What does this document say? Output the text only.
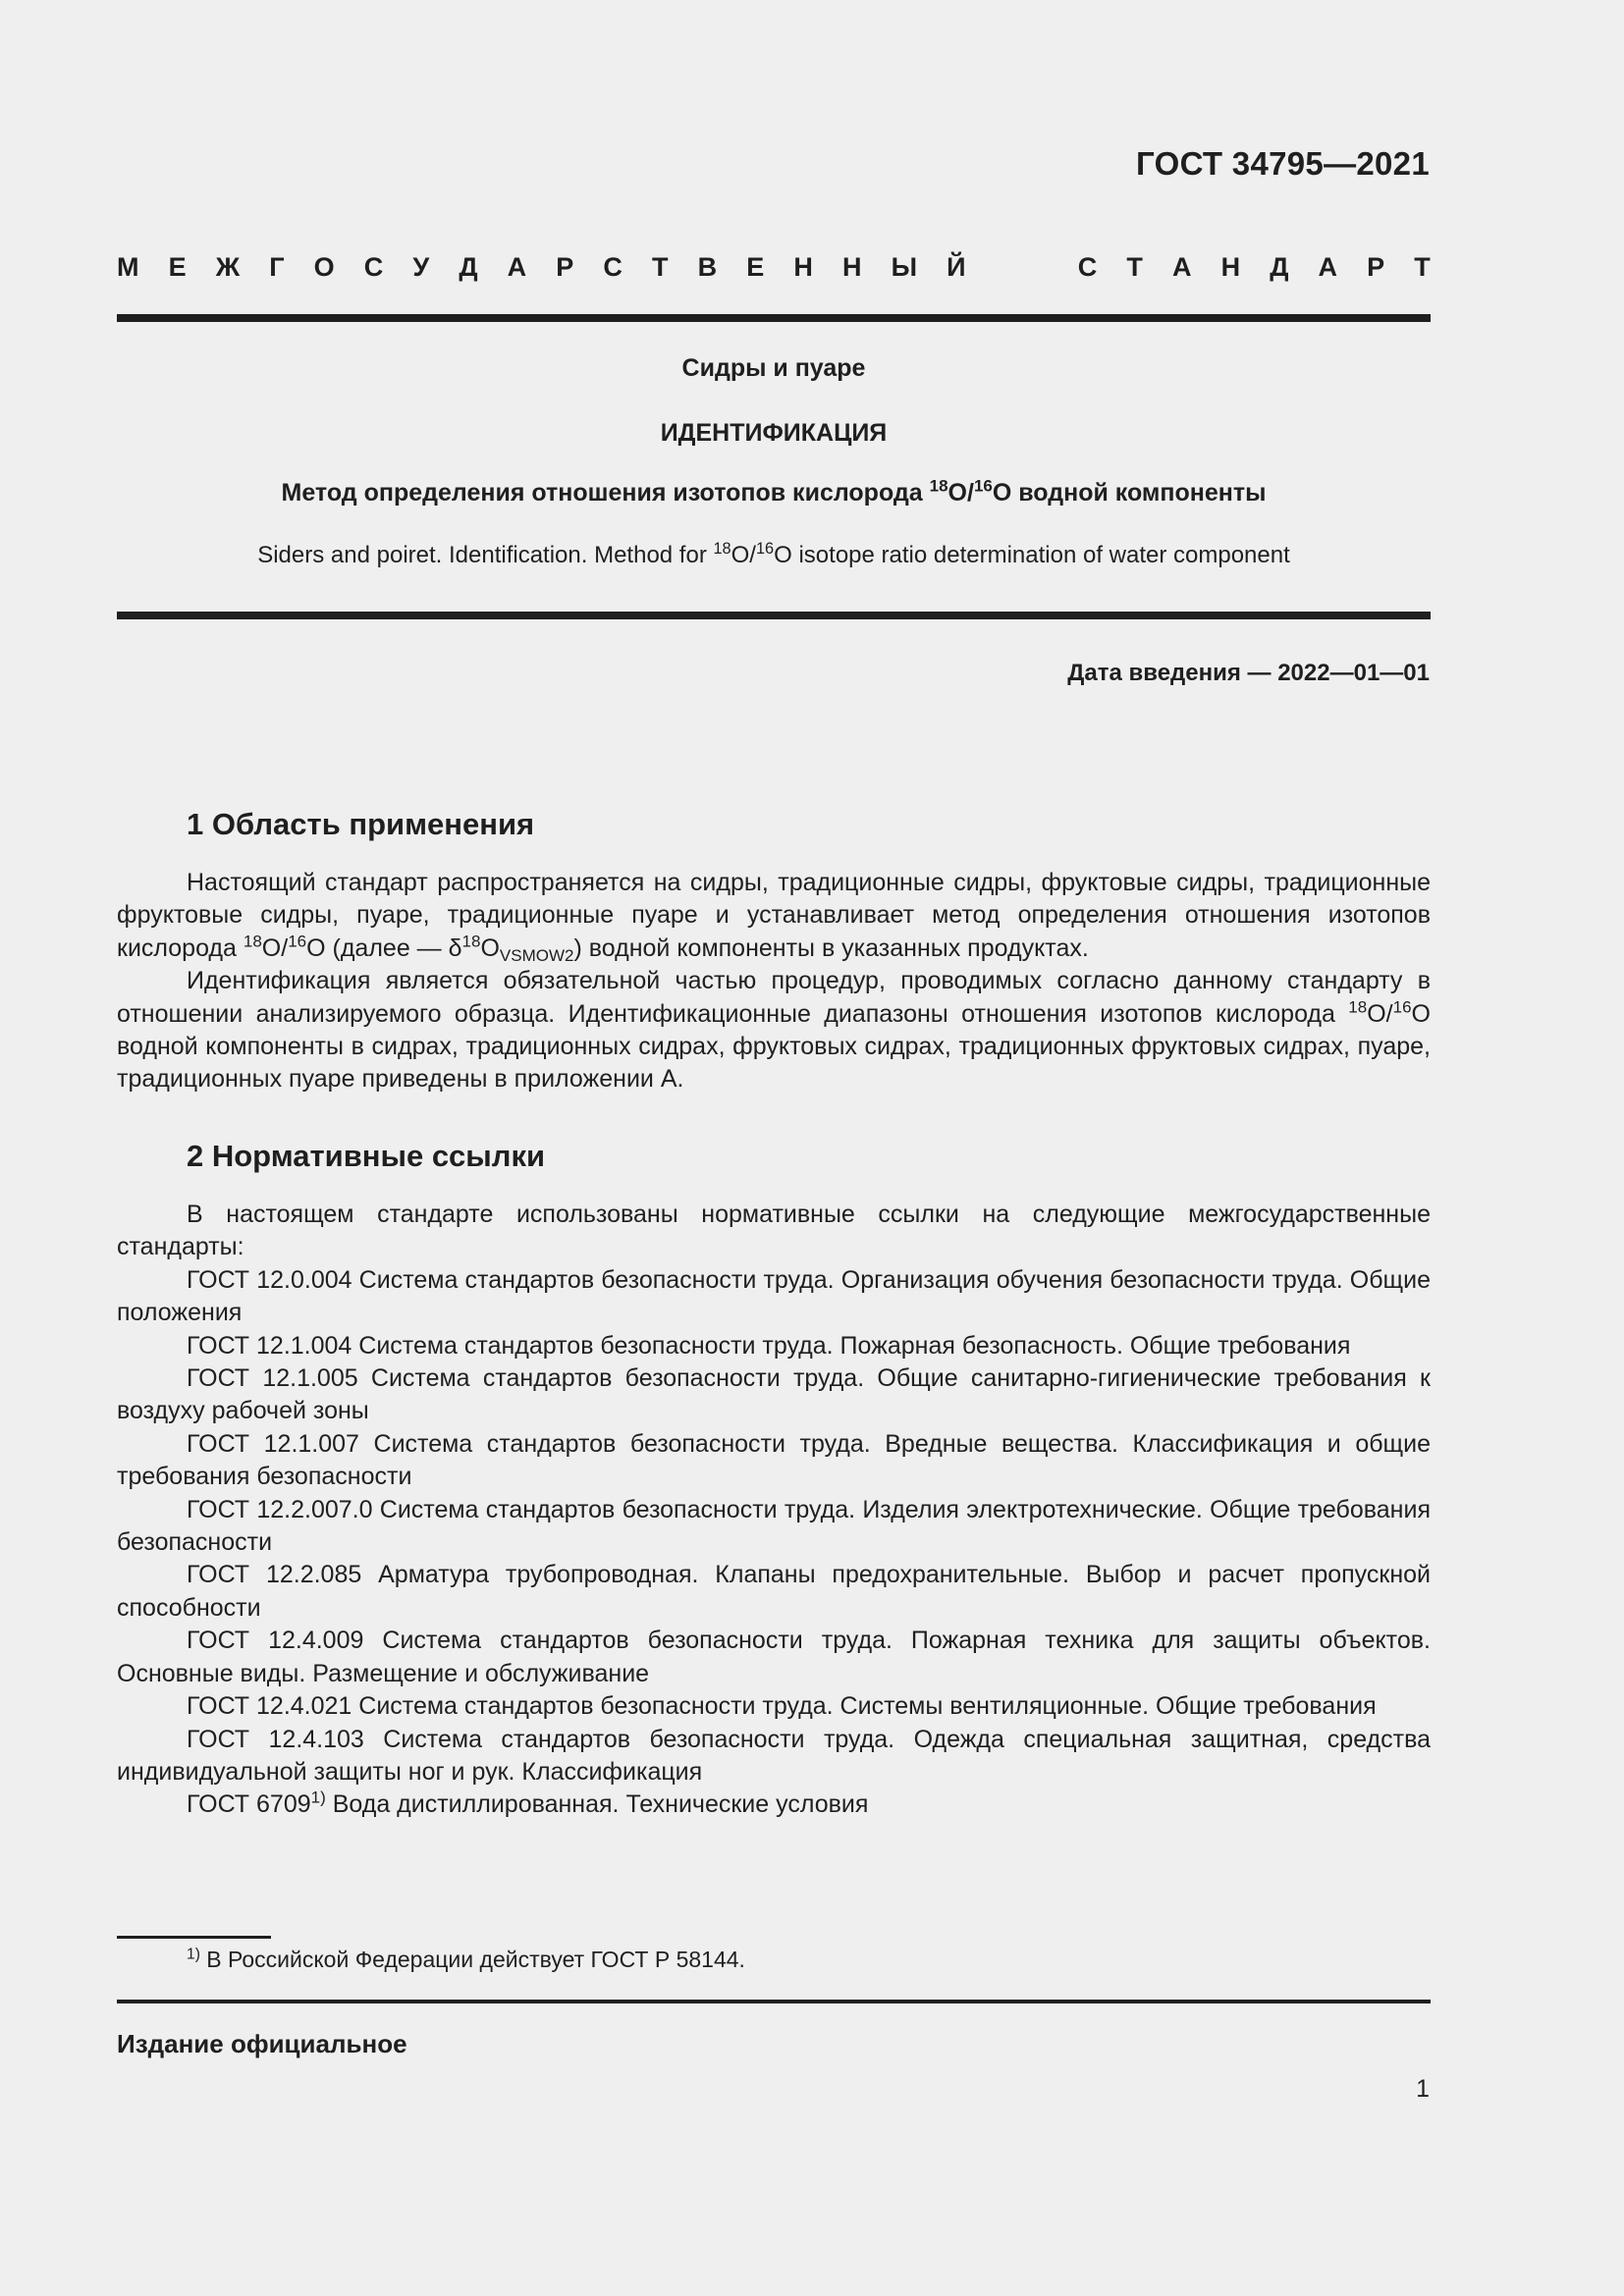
ГОСТ 34795—2021
М Е Ж Г О С У Д А Р С Т В Е Н Н Ы Й	С Т А Н Д А Р Т
Сидры и пуаре
ИДЕНТИФИКАЦИЯ
Метод определения отношения изотопов кислорода $^{18}$O/$^{16}$O водной компоненты
Siders and poiret. Identification. Method for $^{18}$O/$^{16}$O isotope ratio determination of water component
Дата введения — 2022—01—01
1 Область применения

Настоящий стандарт распространяется на сидры, традиционные сидры, фруктовые сидры, традиционные фруктовые сидры, пуаре, традиционные пуаре и устанавливает метод определения отношения изотопов кислорода $^{18}$O/$^{16}$O (далее — $\delta^{18}O_{VSMOW2}$) водной компоненты в указанных продуктах.

Идентификация является обязательной частью процедур, проводимых согласно данному стандарту в отношении анализируемого образца. Идентификационные диапазоны отношения изотопов кислорода $^{18}$O/$^{16}$O водной компоненты в сидрах, традиционных сидрах, фруктовых сидрах, традиционных фруктовых сидрах, пуаре, традиционных пуаре приведены в приложении А.

2 Нормативные ссылки

В настоящем стандарте использованы нормативные ссылки на следующие межгосударственные стандарты:

ГОСТ 12.0.004 Система стандартов безопасности труда. Организация обучения безопасности труда. Общие положения

ГОСТ 12.1.004 Система стандартов безопасности труда. Пожарная безопасность. Общие требования

ГОСТ 12.1.005 Система стандартов безопасности труда. Общие санитарно-гигиенические требования к воздуху рабочей зоны

ГОСТ 12.1.007 Система стандартов безопасности труда. Вредные вещества. Классификация и общие требования безопасности

ГОСТ 12.2.007.0 Система стандартов безопасности труда. Изделия электротехнические. Общие требования безопасности

ГОСТ 12.2.085 Арматура трубопроводная. Клапаны предохранительные. Выбор и расчет пропускной способности

ГОСТ 12.4.009 Система стандартов безопасности труда. Пожарная техника для защиты объектов. Основные виды. Размещение и обслуживание

ГОСТ 12.4.021 Система стандартов безопасности труда. Системы вентиляционные. Общие требования

ГОСТ 12.4.103 Система стандартов безопасности труда. Одежда специальная защитная, средства индивидуальной защиты ног и рук. Классификация

ГОСТ 6709$^{1)}$ Вода дистиллированная. Технические условия

$^{1)}$ В Российской Федерации действует ГОСТ Р 58144.
Издание официальное
1
